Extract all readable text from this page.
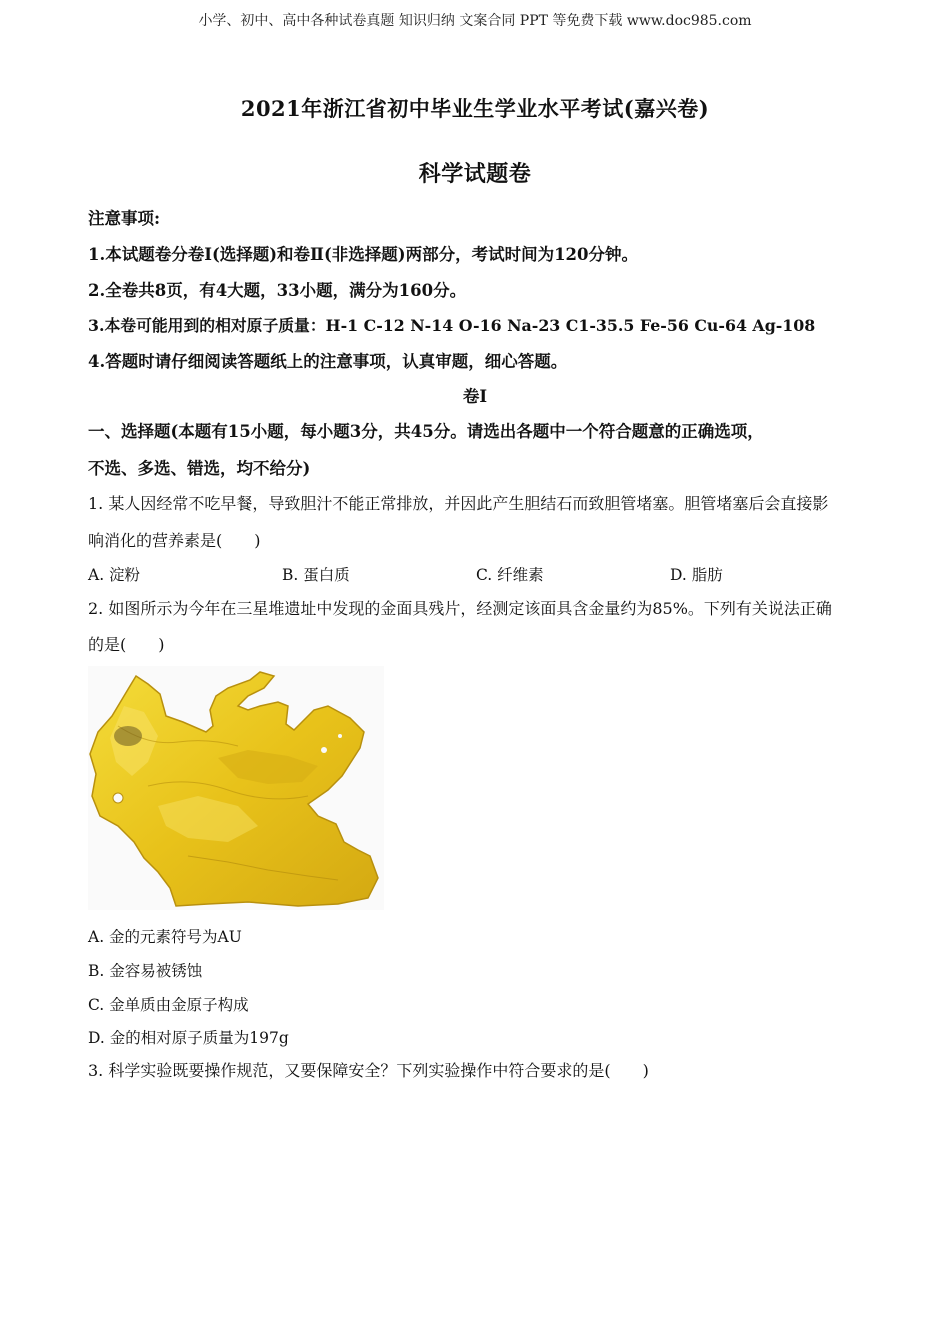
小学、初中、高中各种试卷真题 知识归纳 文案合同 PPT 等免费下载 www.doc985.com
2021年浙江省初中毕业生学业水平考试(嘉兴卷)
科学试题卷
注意事项:
1.本试题卷分卷Ⅰ(选择题)和卷Ⅱ(非选择题)两部分，考试时间为120分钟。
2.全卷共8页，有4大题，33小题，满分为160分。
3.本卷可能用到的相对原子质量：H-1 C-12 N-14 O-16 Na-23 C1-35.5 Fe-56 Cu-64 Ag-108
4.答题时请仔细阅读答题纸上的注意事项，认真审题，细心答题。
卷Ⅰ
一、选择题(本题有15小题，每小题3分，共45分。请选出各题中一个符合题意的正确选项，
不选、多选、错选，均不给分)
1. 某人因经常不吃早餐，导致胆汁不能正常排放，并因此产生胆结石而致胆管堵塞。胆管堵塞后会直接影
响消化的营养素是(　　)
A. 淀粉	B. 蛋白质	C. 纤维素	D. 脂肪
2. 如图所示为今年在三星堆遗址中发现的金面具残片，经测定该面具含金量约为85%。下列有关说法正确
的是(　　)
A. 金的元素符号为AU
B. 金容易被锈蚀
C. 金单质由金原子构成
D. 金的相对原子质量为197g
3. 科学实验既要操作规范，又要保障安全？下列实验操作中符合要求的是(　　)
